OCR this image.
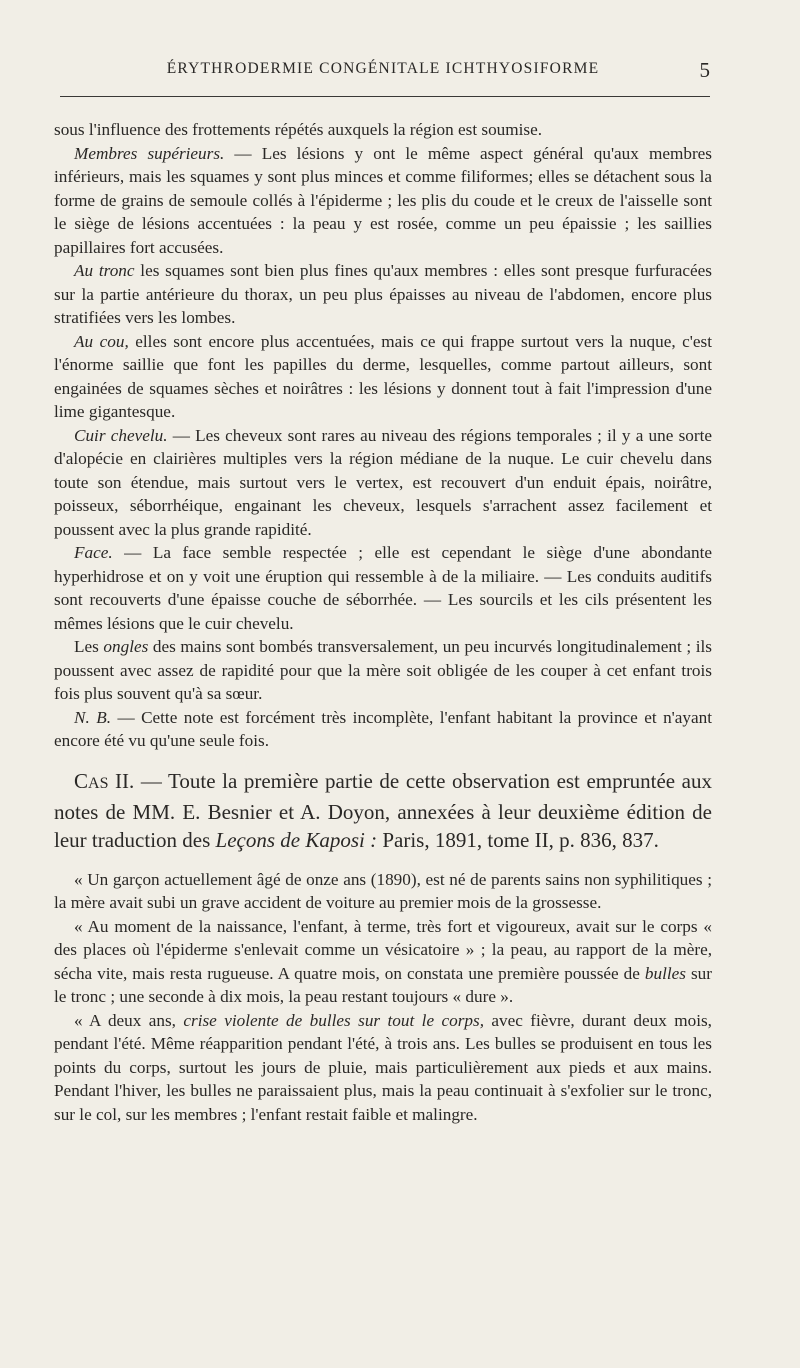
ÉRYTHRODERMIE CONGÉNITALE ICHTHYOSIFORME	5

sous l'influence des frottements répétés auxquels la région est soumise.

Membres supérieurs. — Les lésions y ont le même aspect général qu'aux membres inférieurs, mais les squames y sont plus minces et comme filiformes; elles se détachent sous la forme de grains de semoule collés à l'épiderme ; les plis du coude et le creux de l'aisselle sont le siège de lésions accentuées : la peau y est rosée, comme un peu épaissie ; les saillies papillaires fort accusées.

Au tronc les squames sont bien plus fines qu'aux membres : elles sont presque furfuracées sur la partie antérieure du thorax, un peu plus épaisses au niveau de l'abdomen, encore plus stratifiées vers les lombes.

Au cou, elles sont encore plus accentuées, mais ce qui frappe surtout vers la nuque, c'est l'énorme saillie que font les papilles du derme, lesquelles, comme partout ailleurs, sont engainées de squames sèches et noirâtres : les lésions y donnent tout à fait l'impression d'une lime gigantesque.

Cuir chevelu. — Les cheveux sont rares au niveau des régions temporales ; il y a une sorte d'alopécie en clairières multiples vers la région médiane de la nuque. Le cuir chevelu dans toute son étendue, mais surtout vers le vertex, est recouvert d'un enduit épais, noirâtre, poisseux, séborrhéique, engainant les cheveux, lesquels s'arrachent assez facilement et poussent avec la plus grande rapidité.

Face. — La face semble respectée ; elle est cependant le siège d'une abondante hyperhidrose et on y voit une éruption qui ressemble à de la miliaire. — Les conduits auditifs sont recouverts d'une épaisse couche de séborrhée. — Les sourcils et les cils présentent les mêmes lésions que le cuir chevelu.

Les ongles des mains sont bombés transversalement, un peu incurvés longitudinalement ; ils poussent avec assez de rapidité pour que la mère soit obligée de les couper à cet enfant trois fois plus souvent qu'à sa sœur.

N. B. — Cette note est forcément très incomplète, l'enfant habitant la province et n'ayant encore été vu qu'une seule fois.

CAS II. — Toute la première partie de cette observation est empruntée aux notes de MM. E. Besnier et A. Doyon, annexées à leur deuxième édition de leur traduction des Leçons de Kaposi : Paris, 1891, tome II, p. 836, 837.

« Un garçon actuellement âgé de onze ans (1890), est né de parents sains non syphilitiques ; la mère avait subi un grave accident de voiture au premier mois de la grossesse.

« Au moment de la naissance, l'enfant, à terme, très fort et vigoureux, avait sur le corps « des places où l'épiderme s'enlevait comme un vésicatoire » ; la peau, au rapport de la mère, sécha vite, mais resta rugueuse. A quatre mois, on constata une première poussée de bulles sur le tronc ; une seconde à dix mois, la peau restant toujours « dure ».

« A deux ans, crise violente de bulles sur tout le corps, avec fièvre, durant deux mois, pendant l'été. Même réapparition pendant l'été, à trois ans. Les bulles se produisent en tous les points du corps, surtout les jours de pluie, mais particulièrement aux pieds et aux mains. Pendant l'hiver, les bulles ne paraissaient plus, mais la peau continuait à s'exfolier sur le tronc, sur le col, sur les membres ; l'enfant restait faible et malingre.
